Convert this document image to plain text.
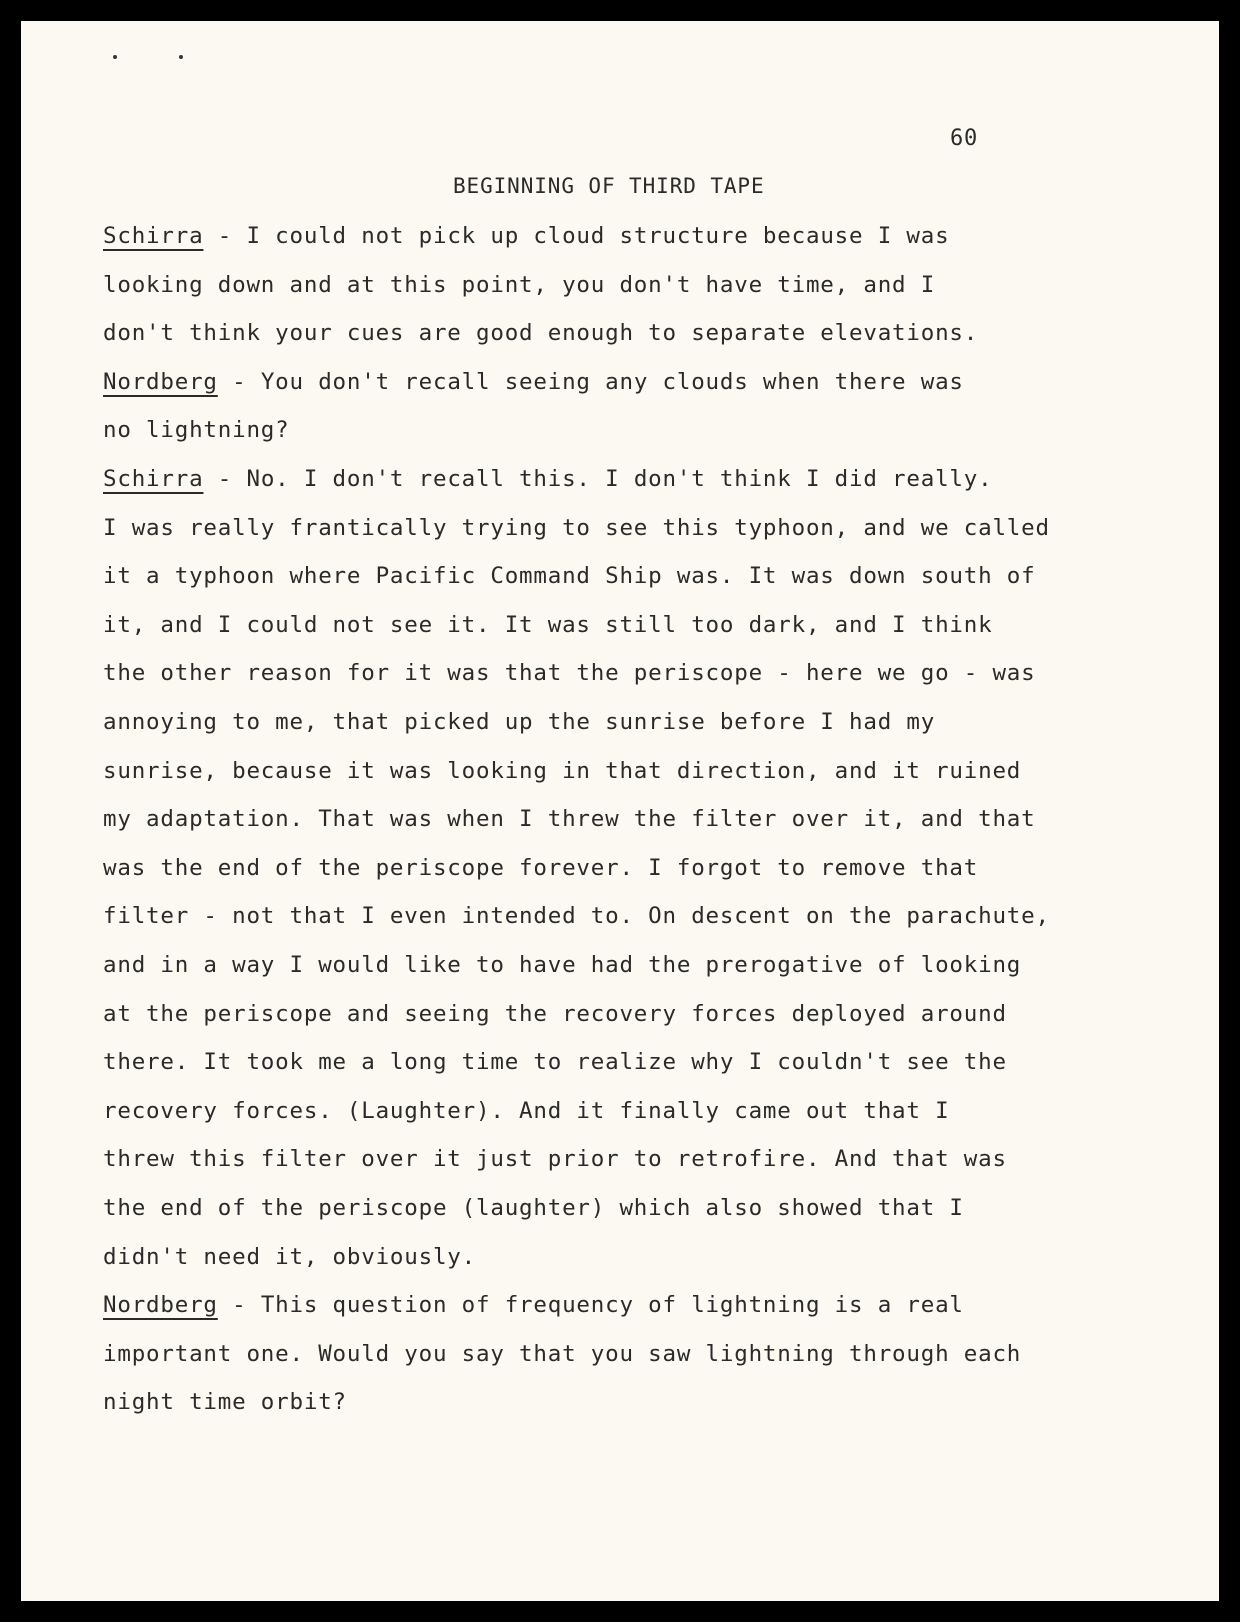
60
BEGINNING OF THIRD TAPE
Schirra - I could not pick up cloud structure because I was
looking down and at this point, you don't have time, and I
don't think your cues are good enough to separate elevations.
Nordberg - You don't recall seeing any clouds when there was
no lightning?
Schirra - No. I don't recall this. I don't think I did really.
I was really frantically trying to see this typhoon, and we called
it a typhoon where Pacific Command Ship was. It was down south of
it, and I could not see it. It was still too dark, and I think
the other reason for it was that the periscope - here we go - was
annoying to me, that picked up the sunrise before I had my
sunrise, because it was looking in that direction, and it ruined
my adaptation. That was when I threw the filter over it, and that
was the end of the periscope forever. I forgot to remove that
filter - not that I even intended to. On descent on the parachute,
and in a way I would like to have had the prerogative of looking
at the periscope and seeing the recovery forces deployed around
there. It took me a long time to realize why I couldn't see the
recovery forces. (Laughter). And it finally came out that I
threw this filter over it just prior to retrofire. And that was
the end of the periscope (laughter) which also showed that I
didn't need it, obviously.
Nordberg - This question of frequency of lightning is a real
important one. Would you say that you saw lightning through each
night time orbit?
